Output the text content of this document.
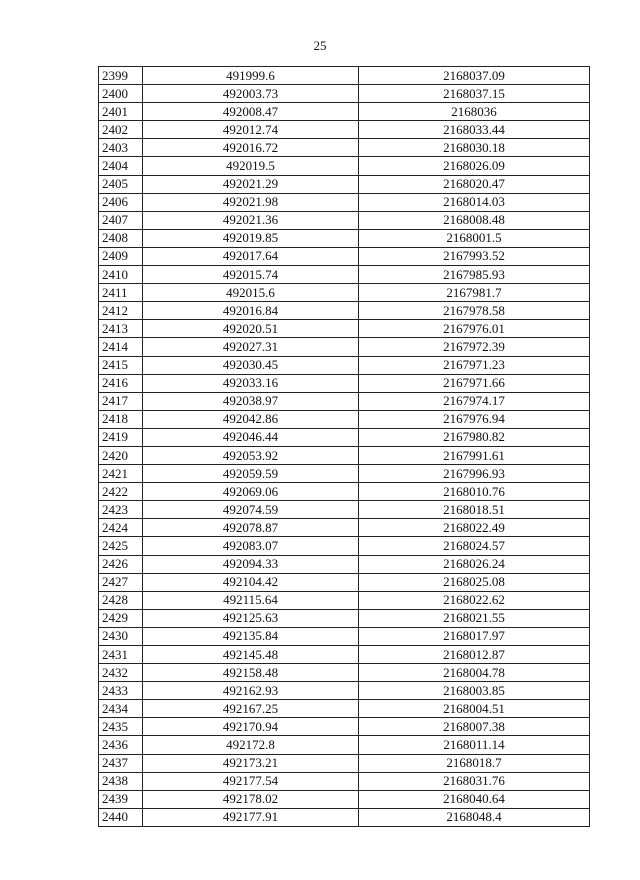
25
2399	491999.6	2168037.09
2400	492003.73	2168037.15
2401	492008.47	2168036
2402	492012.74	2168033.44
2403	492016.72	2168030.18
2404	492019.5	2168026.09
2405	492021.29	2168020.47
2406	492021.98	2168014.03
2407	492021.36	2168008.48
2408	492019.85	2168001.5
2409	492017.64	2167993.52
2410	492015.74	2167985.93
2411	492015.6	2167981.7
2412	492016.84	2167978.58
2413	492020.51	2167976.01
2414	492027.31	2167972.39
2415	492030.45	2167971.23
2416	492033.16	2167971.66
2417	492038.97	2167974.17
2418	492042.86	2167976.94
2419	492046.44	2167980.82
2420	492053.92	2167991.61
2421	492059.59	2167996.93
2422	492069.06	2168010.76
2423	492074.59	2168018.51
2424	492078.87	2168022.49
2425	492083.07	2168024.57
2426	492094.33	2168026.24
2427	492104.42	2168025.08
2428	492115.64	2168022.62
2429	492125.63	2168021.55
2430	492135.84	2168017.97
2431	492145.48	2168012.87
2432	492158.48	2168004.78
2433	492162.93	2168003.85
2434	492167.25	2168004.51
2435	492170.94	2168007.38
2436	492172.8	2168011.14
2437	492173.21	2168018.7
2438	492177.54	2168031.76
2439	492178.02	2168040.64
2440	492177.91	2168048.4
